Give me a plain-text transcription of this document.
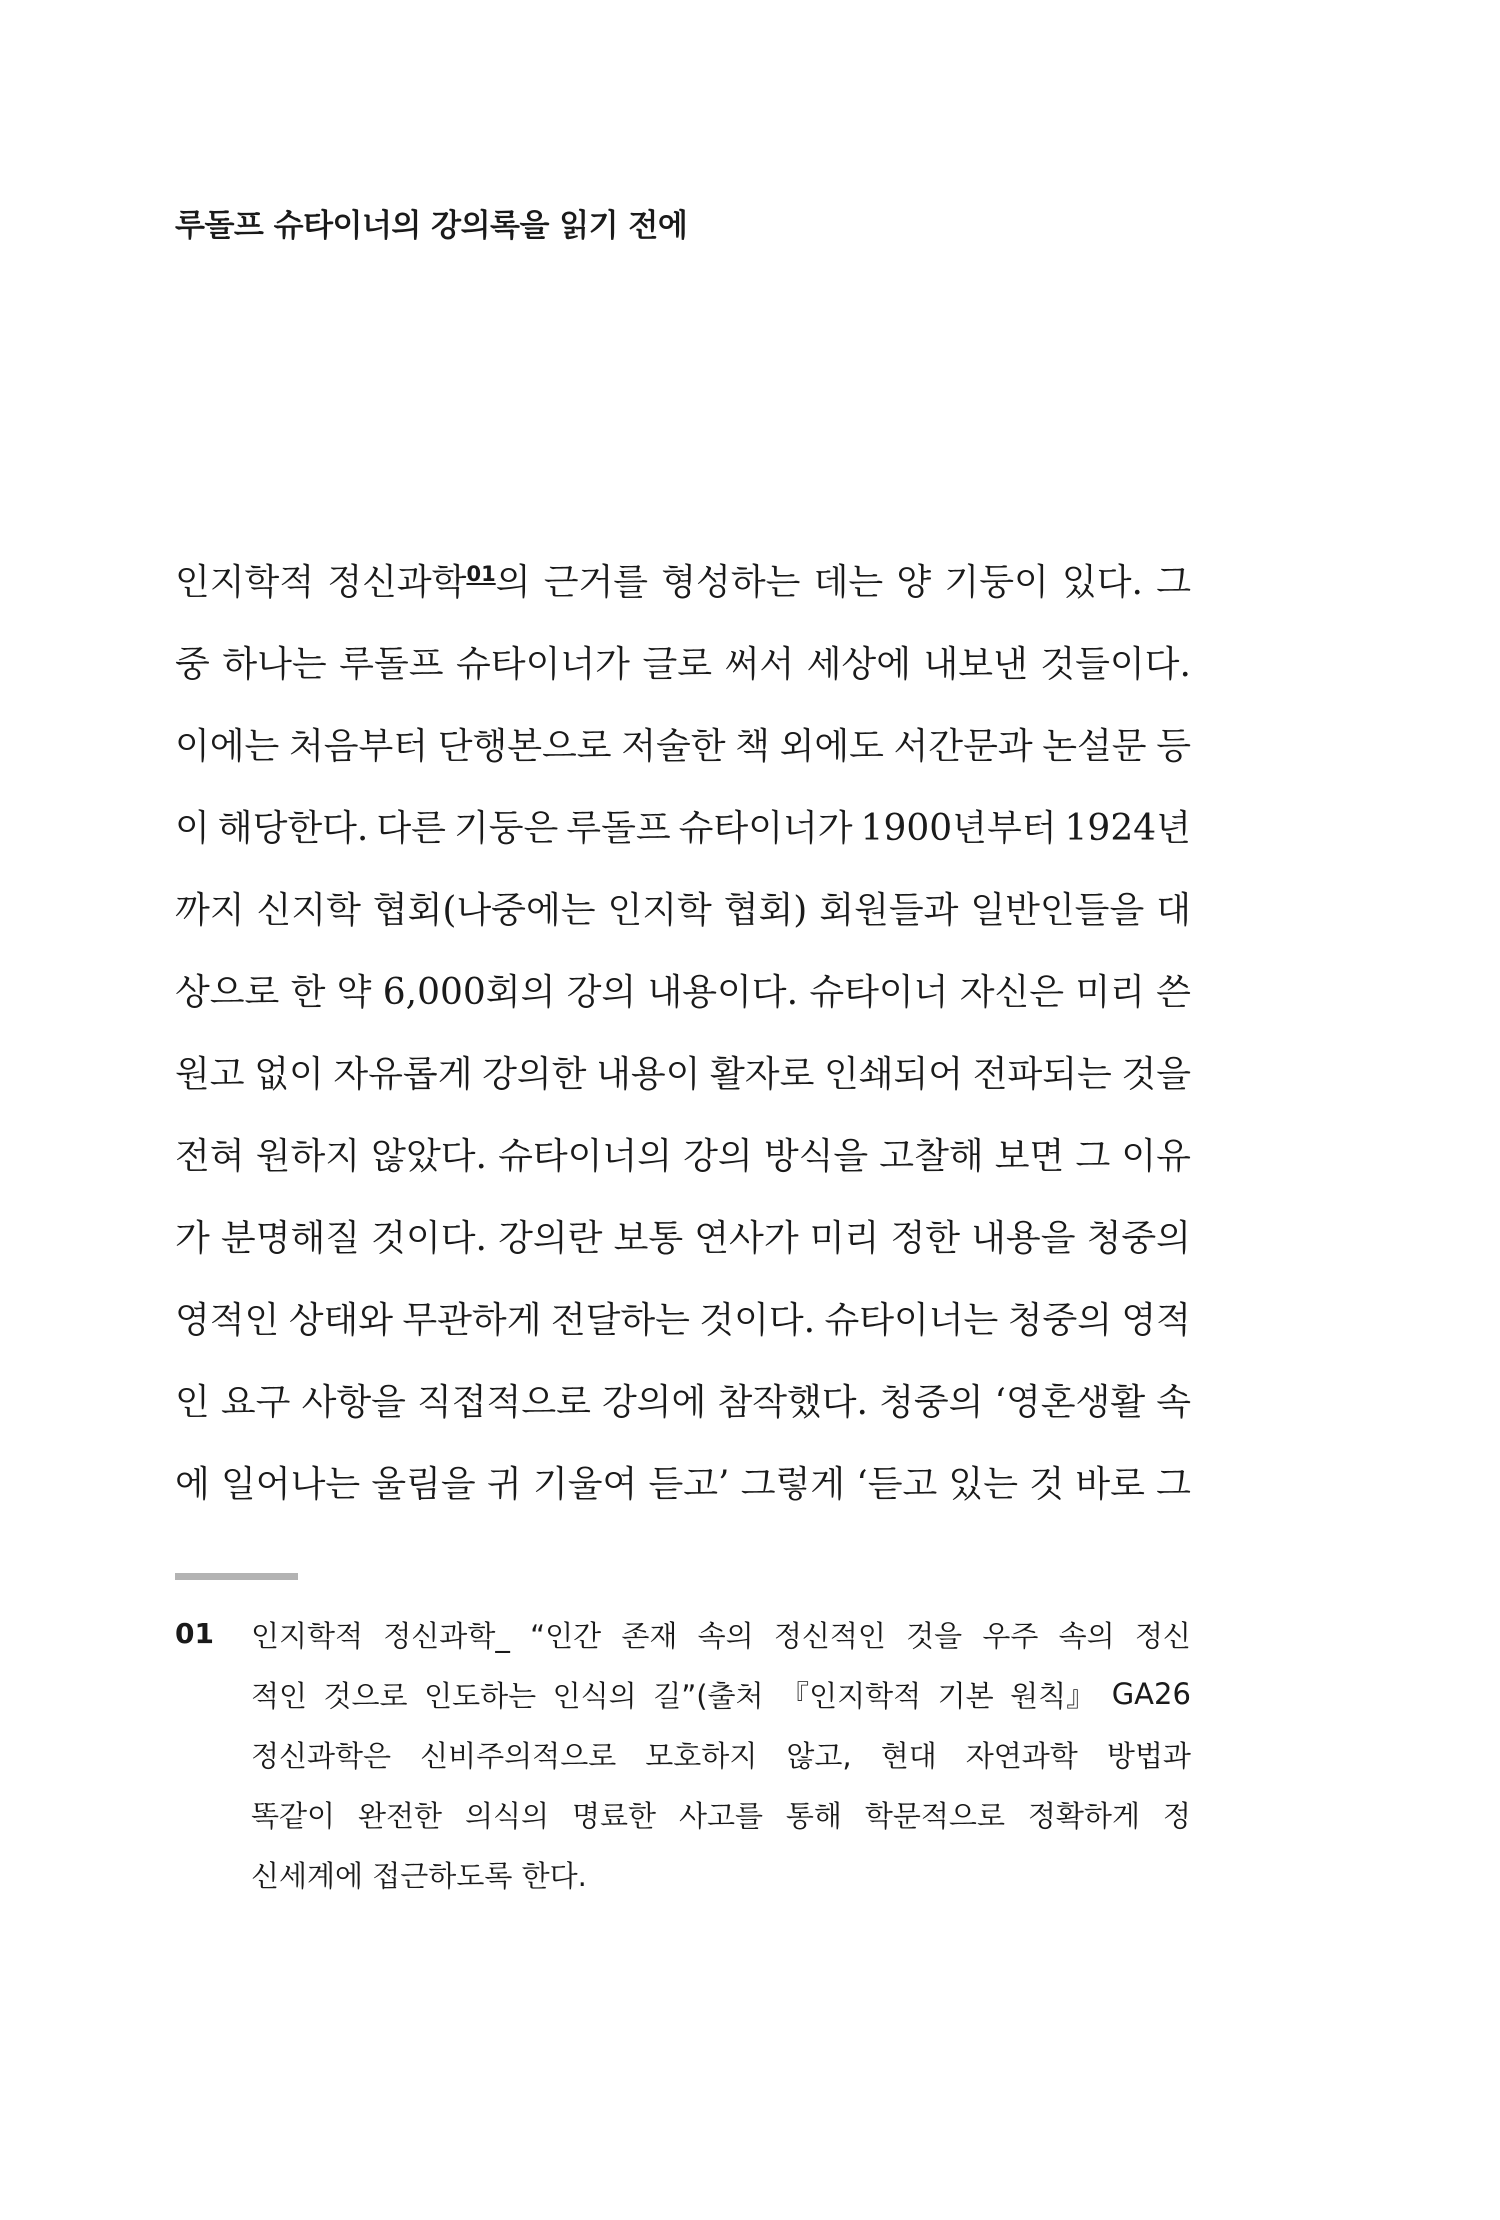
루돌프 슈타이너의 강의록을 읽기 전에
인지학적 정신과학$^{01}$의 근거를 형성하는 데는 양 기둥이 있다. 그
중 하나는 루돌프 슈타이너가 글로 써서 세상에 내보낸 것들이다.
이에는 처음부터 단행본으로 저술한 책 외에도 서간문과 논설문 등
이 해당한다. 다른 기둥은 루돌프 슈타이너가 1900년부터 1924년
까지 신지학 협회(나중에는 인지학 협회) 회원들과 일반인들을 대
상으로 한 약 6,000회의 강의 내용이다. 슈타이너 자신은 미리 쓴
원고 없이 자유롭게 강의한 내용이 활자로 인쇄되어 전파되는 것을
전혀 원하지 않았다. 슈타이너의 강의 방식을 고찰해 보면 그 이유
가 분명해질 것이다. 강의란 보통 연사가 미리 정한 내용을 청중의
영적인 상태와 무관하게 전달하는 것이다. 슈타이너는 청중의 영적
인 요구 사항을 직접적으로 강의에 참작했다. 청중의 ‘영혼생활 속
에 일어나는 울림을 귀 기울여 듣고’ 그렇게 ‘듣고 있는 것 바로 그
01 인지학적 정신과학_ “인간 존재 속의 정신적인 것을 우주 속의 정신
적인 것으로 인도하는 인식의 길”(출처 『인지학적 기본 원칙』 GA26
정신과학은 신비주의적으로 모호하지 않고, 현대 자연과학 방법과
똑같이 완전한 의식의 명료한 사고를 통해 학문적으로 정확하게 정
신세계에 접근하도록 한다.
